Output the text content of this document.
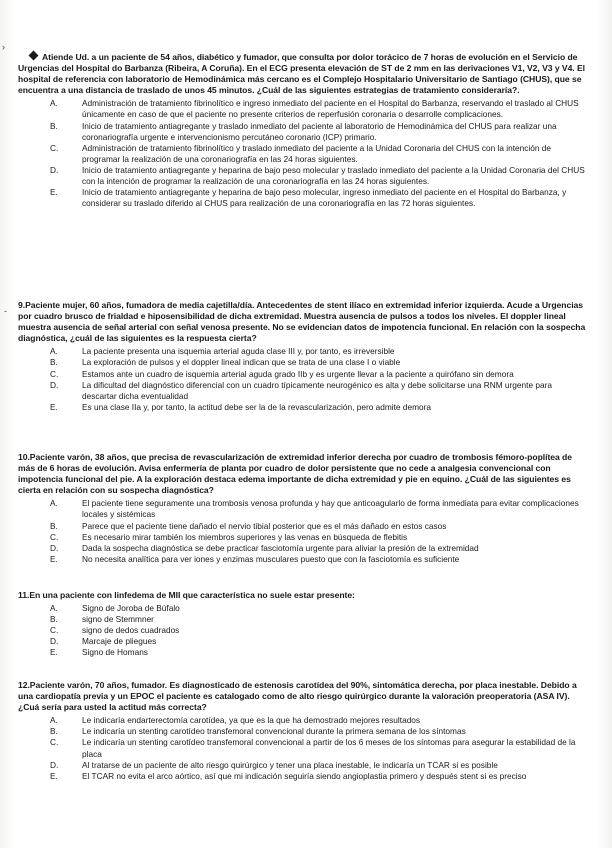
›
-
Atiende Ud. a un paciente de 54 años, diabético y fumador, que consulta por dolor torácico de 7 horas de evolución en el Servicio de Urgencias del Hospital do Barbanza (Ribeira, A Coruña). En el ECG presenta elevación de ST de 2 mm en las derivaciones V1, V2, V3 y V4. El hospital de referencia con laboratorio de Hemodinámica más cercano es el Complejo Hospitalario Universitario de Santiago (CHUS), que se encuentra a una distancia de traslado de unos 45 minutos. ¿Cuál de las siguientes estrategias de tratamiento consideraría?.
A.	Administración de tratamiento fibrinolítico e ingreso inmediato del paciente en el Hospital do Barbanza, reservando el traslado al CHUS únicamente en caso de que el paciente no presente criterios de reperfusión coronaria o desarrolle complicaciones.
B.	Inicio de tratamiento antiagregante y traslado inmediato del paciente al laboratorio de Hemodinámica del CHUS para realizar una coronariografía urgente e intervencionismo percutáneo coronario (ICP) primario.
C.	Administración de tratamiento fibrinolítico y traslado inmediato del paciente a la Unidad Coronaria del CHUS con la intención de programar la realización de una coronariografía en las 24 horas siguientes.
D.	Inicio de tratamiento antiagregante y heparina de bajo peso molecular y traslado inmediato del paciente a la Unidad Coronaria del CHUS con la intención de programar la realización de una coronariografía en las 24 horas siguientes.
E.	Inicio de tratamiento antiagregante y heparina de bajo peso molecular, ingreso inmediato del paciente en el Hospital do Barbanza, y considerar su traslado diferido al CHUS para realización de una coronariografía en las 72 horas siguientes.
9.Paciente mujer, 60 años, fumadora de media cajetilla/día. Antecedentes de stent ilíaco en extremidad inferior izquierda. Acude a Urgencias por cuadro brusco de frialdad e hiposensibilidad de dicha extremidad. Muestra ausencia de pulsos a todos los niveles. El doppler lineal muestra ausencia de señal arterial con señal venosa presente. No se evidencian datos de impotencia funcional. En relación con la sospecha diagnóstica, ¿cuál de las siguientes es la respuesta cierta?
A.	La paciente presenta una isquemia arterial aguda clase III y, por tanto, es irreversible
B.	La exploración de pulsos y el doppler lineal indican que se trata de una clase I o viable
C.	Estamos ante un cuadro de isquemia arterial aguda grado IIb y es urgente llevar a la paciente a quirófano sin demora
D.	La dificultad del diagnóstico diferencial con un cuadro típicamente neurogénico es alta y debe solicitarse una RNM urgente para descartar dicha eventualidad
E.	Es una clase IIa y, por tanto, la actitud debe ser la de la revascularización, pero admite demora
10.Paciente varón, 38 años, que precisa de revascularización de extremidad inferior derecha por cuadro de trombosis fémoro-poplítea de más de 6 horas de evolución. Avisa enfermería de planta por cuadro de dolor persistente que no cede a analgesia convencional con impotencia funcional del pie. A la exploración destaca edema importante de dicha extremidad y pie en equino. ¿Cuál de las siguientes es cierta en relación con su sospecha diagnóstica?
A.	El paciente tiene seguramente una trombosis venosa profunda y hay que anticoagularlo de forma inmediata para evitar complicaciones locales y sistémicas
B.	Parece que el paciente tiene dañado el nervio tibial posterior que es el más dañado en estos casos
C.	Es necesario mirar también los miembros superiores y las venas en búsqueda de flebitis
D.	Dada la sospecha diagnóstica se debe practicar fasciotomía urgente para aliviar la presión de la extremidad
E.	No necesita analítica para ver iones y enzimas musculares puesto que con la fasciotomía es suficiente
11.En una paciente con linfedema de MII que característica no suele estar presente:
A.	Signo de Joroba de Búfalo
B.	signo de Stemmner
C.	signo de dedos cuadrados
D.	Marcaje de pliegues
E.	Signo de Homans
12.Paciente varón, 70 años, fumador. Es diagnosticado de estenosis carotídea del 90%, sintomática derecha, por placa inestable. Debido a una cardiopatía previa y un EPOC el paciente es catalogado como de alto riesgo quirúrgico durante la valoración preoperatoria (ASA IV). ¿Cuá sería para usted la actitud más correcta?
A.	Le indicaría endarterectomía carotídea, ya que es la que ha demostrado mejores resultados
B.	Le indicaría un stenting carotídeo transfemoral convencional durante la primera semana de los síntomas
C.	Le indicaría un stenting carotídeo transfemoral convencional a partir de los 6 meses de los síntomas para asegurar la estabilidad de la placa
D.	Al tratarse de un paciente de alto riesgo quirúrgico y tener una placa inestable, le indicaría un TCAR si es posible
E.	El TCAR no evita el arco aórtico, así que mi indicación seguiría siendo angioplastia primero y después stent si es preciso
